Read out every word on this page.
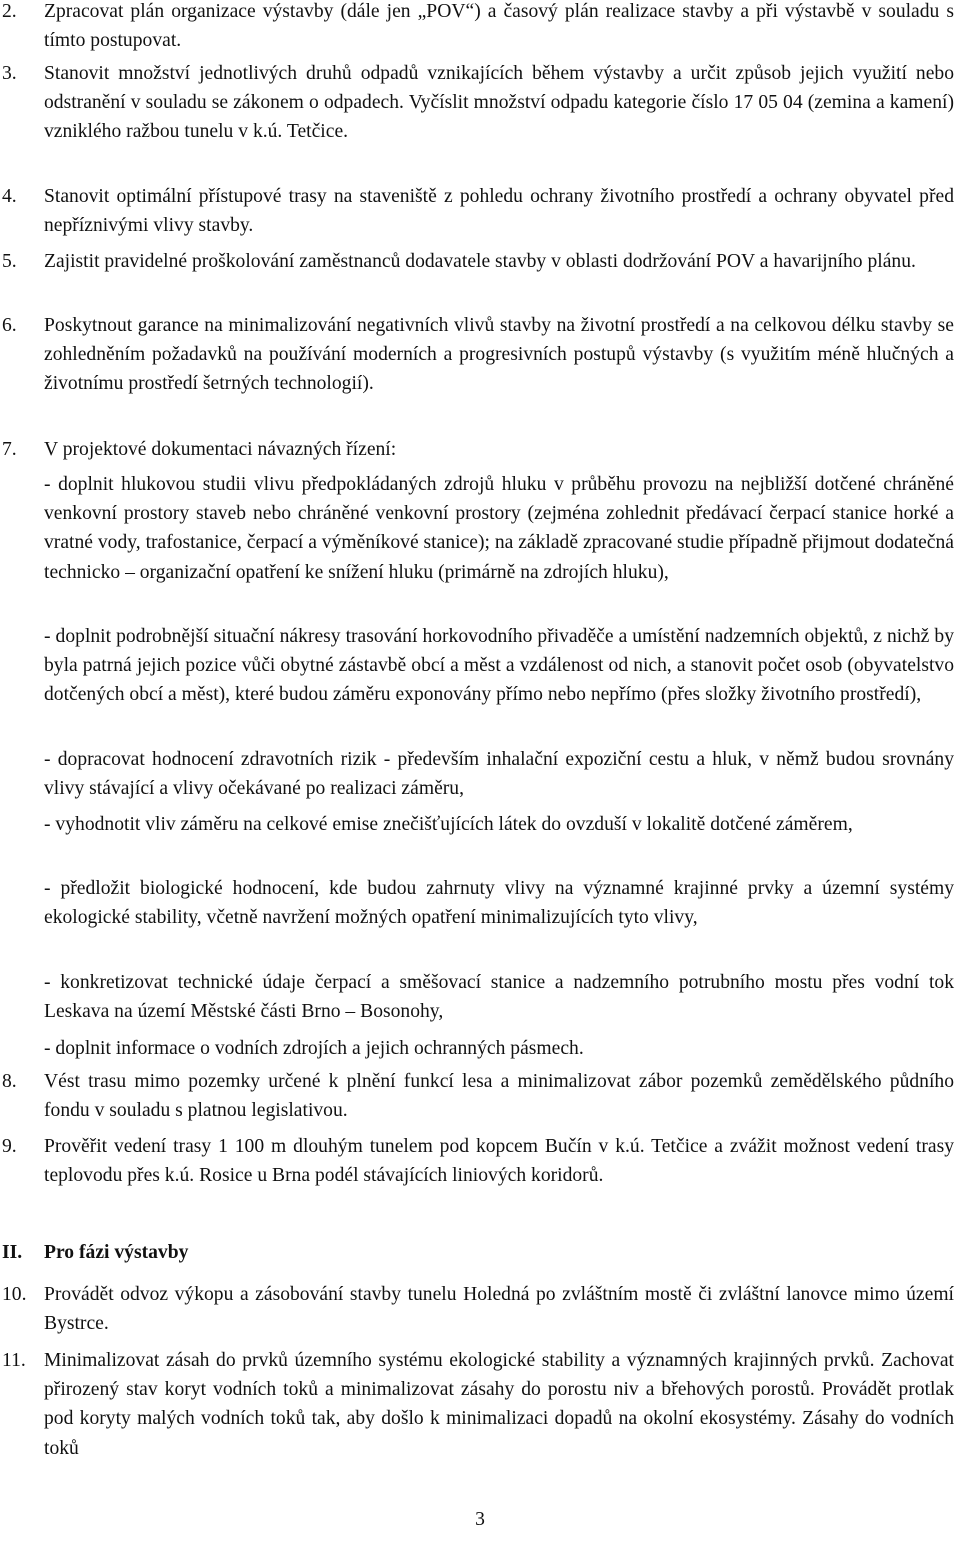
2. Zpracovat plán organizace výstavby (dále jen „POV“) a časový plán realizace stavby a při výstavbě v souladu s tímto postupovat.
3. Stanovit množství jednotlivých druhů odpadů vznikajících během výstavby a určit způsob jejich využití nebo odstranění v souladu se zákonem o odpadech. Vyčíslit množství odpadu kategorie číslo 17 05 04 (zemina a kamení) vzniklého ražbou tunelu v k.ú. Tetčice.
4. Stanovit optimální přístupové trasy na staveniště z pohledu ochrany životního prostředí a ochrany obyvatel před nepříznivými vlivy stavby.
5. Zajistit pravidelné proškolování zaměstnanců dodavatele stavby v oblasti dodržování POV a havarijního plánu.
6. Poskytnout garance na minimalizování negativních vlivů stavby na životní prostředí a na celkovou délku stavby se zohledněním požadavků na používání moderních a progresivních postupů výstavby (s využitím méně hlučných a životnímu prostředí šetrných technologií).
7. V projektové dokumentaci návazných řízení:
- doplnit hlukovou studii vlivu předpokládaných zdrojů hluku v průběhu provozu na nejbližší dotčené chráněné venkovní prostory staveb nebo chráněné venkovní prostory (zejména zohlednit předávací čerpací stanice horké a vratné vody, trafostanice, čerpací a výměníkové stanice); na základě zpracované studie případně přijmout dodatečná technicko – organizační opatření ke snížení hluku (primárně na zdrojích hluku),
- doplnit podrobnější situační nákresy trasování horkovodního přivaděče a umístění nadzemních objektů, z nichž by byla patrná jejich pozice vůči obytné zástavbě obcí a měst a vzdálenost od nich, a stanovit počet osob (obyvatelstvo dotčených obcí a měst), které budou záměru exponovány přímo nebo nepřímo (přes složky životního prostředí),
- dopracovat hodnocení zdravotních rizik - především inhalační expoziční cestu a hluk, v němž budou srovnány vlivy stávající a vlivy očekávané po realizaci záměru,
- vyhodnotit vliv záměru na celkové emise znečišťujících látek do ovzduší v lokalitě dotčené záměrem,
- předložit biologické hodnocení, kde budou zahrnuty vlivy na významné krajinné prvky a územní systémy ekologické stability, včetně navržení možných opatření minimalizujících tyto vlivy,
- konkretizovat technické údaje čerpací a směšovací stanice a nadzemního potrubního mostu přes vodní tok Leskava na území Městské části Brno – Bosonohy,
- doplnit informace o vodních zdrojích a jejich ochranných pásmech.
8. Vést trasu mimo pozemky určené k plnění funkcí lesa a minimalizovat zábor pozemků zemědělského půdního fondu v souladu s platnou legislativou.
9. Prověřit vedení trasy 1 100 m dlouhým tunelem pod kopcem Bučín v k.ú. Tetčice a zvážit možnost vedení trasy teplovodu přes k.ú. Rosice u Brna podél stávajících liniových koridorů.
II. Pro fázi výstavby
10. Provádět odvoz výkopu a zásobování stavby tunelu Holedná po zvláštním mostě či zvláštní lanovce mimo území Bystrce.
11. Minimalizovat zásah do prvků územního systému ekologické stability a významných krajinných prvků. Zachovat přirozený stav koryt vodních toků a minimalizovat zásahy do porostu niv a břehových porostů. Provádět protlak pod koryty malých vodních toků tak, aby došlo k minimalizaci dopadů na okolní ekosystémy. Zásahy do vodních toků
3
